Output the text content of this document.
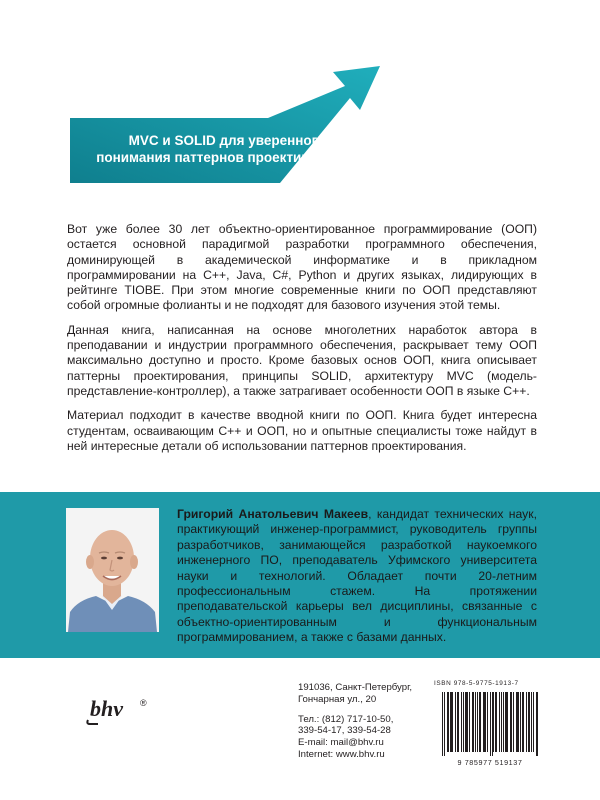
MVC и SOLID для уверенного
понимания паттернов проектирования

Вот уже более 30 лет объектно-ориентированное программирование (ООП) остается основной парадигмой разработки программного обеспечения, доминирующей в академической информатике и в прикладном программировании на С++, Java, C#, Python и других языках, лидирующих в рейтинге TIOBE. При этом многие современные книги по ООП представляют собой огромные фолианты и не подходят для базового изучения этой темы.

Данная книга, написанная на основе многолетних наработок автора в преподавании и индустрии программного обеспечения, раскрывает тему ООП максимально доступно и просто. Кроме базовых основ ООП, книга описывает паттерны проектирования, принципы SOLID, архитектуру MVC (модель-представление-контроллер), а также затрагивает особенности ООП в языке С++.

Материал подходит в качестве вводной книги по ООП. Книга будет интересна студентам, осваивающим С++ и ООП, но и опытные специалисты тоже найдут в ней интересные детали об использовании паттернов проектирования.

Григорий Анатольевич Макеев, кандидат технических наук, практикующий инженер-программист, руководитель группы разработчиков, занимающейся разработкой наукоемкого инженерного ПО, преподаватель Уфимского университета науки и технологий. Обладает почти 20-летним профессиональным стажем. На протяжении преподавательской карьеры вел дисциплины, связанные с объектно-ориентированным и функциональным программированием, а также с базами данных.
bhv ®
191036, Санкт-Петербург,
Гончарная ул., 20
Тел.: (812) 717-10-50,
339-54-17, 339-54-28
E-mail: mail@bhv.ru
Internet: www.bhv.ru
ISBN 978-5-9775-1913-7
9 785977 519137
